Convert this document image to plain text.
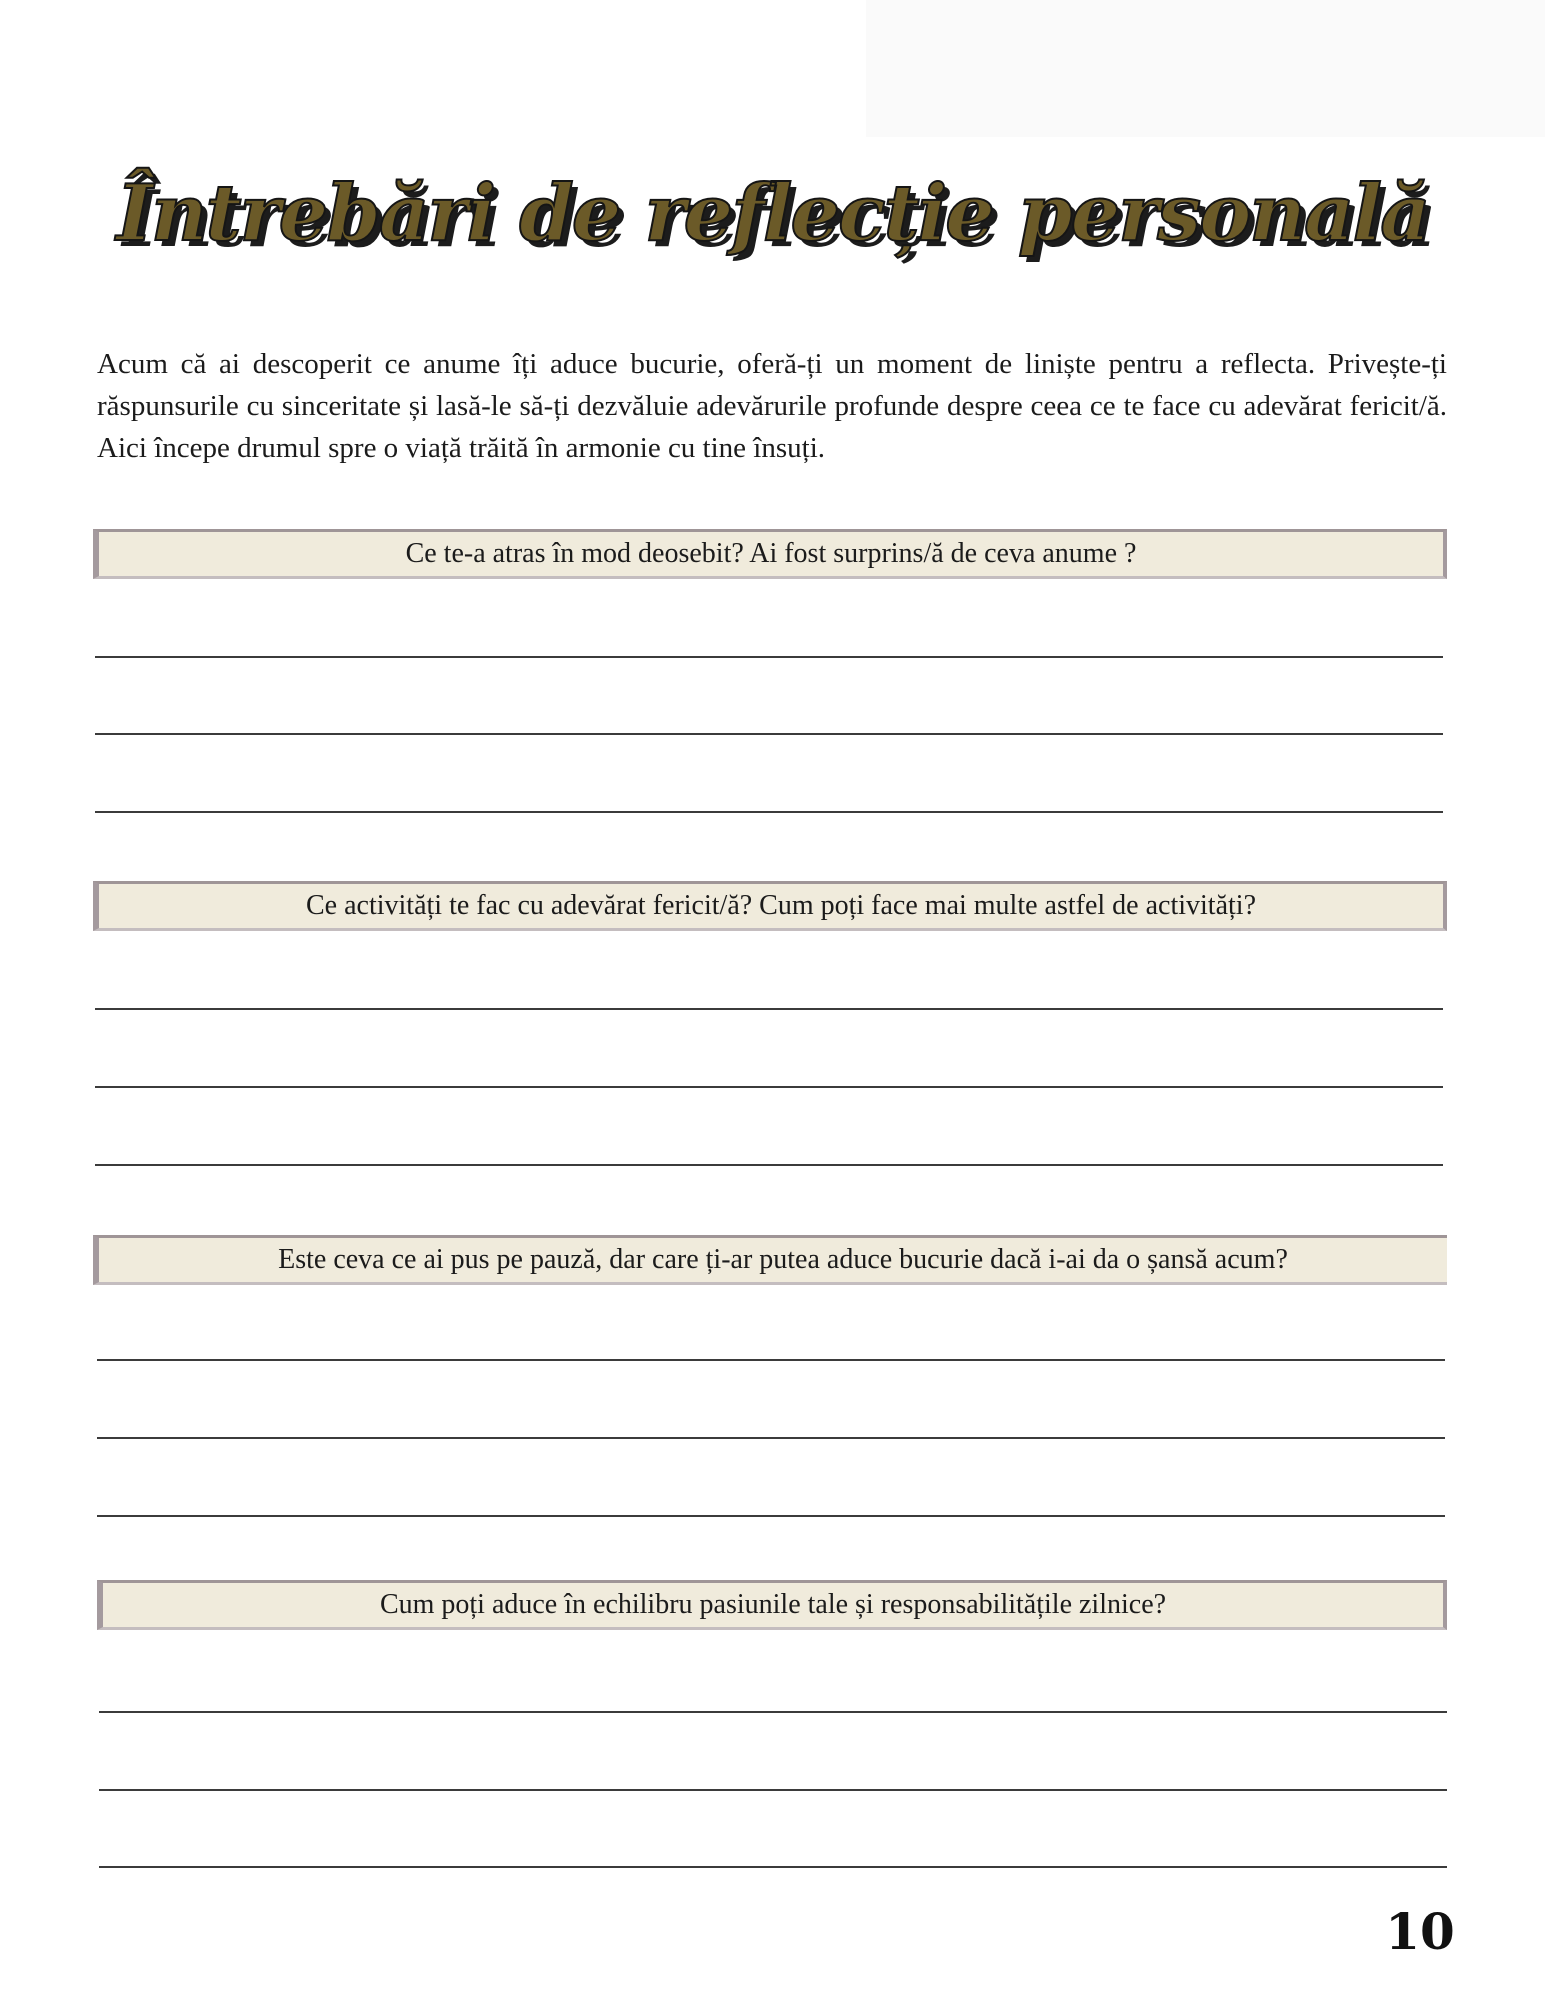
Întrebări de reflecție personală

Acum că ai descoperit ce anume îți aduce bucurie, oferă-ți un moment de liniște pentru a reflecta. Privește-ți răspunsurile cu sinceritate și lasă-le să-ți dezvăluie adevărurile profunde despre ceea ce te face cu adevărat fericit/ă. Aici începe drumul spre o viață trăită în armonie cu tine însuți.

Ce te-a atras în mod deosebit? Ai fost surprins/ă de ceva anume ?
Ce activități te fac cu adevărat fericit/ă? Cum poți face mai multe astfel de activități?
Este ceva ce ai pus pe pauză, dar care ți-ar putea aduce bucurie dacă i-ai da o șansă acum?
Cum poți aduce în echilibru pasiunile tale și responsabilitățile zilnice?
10
